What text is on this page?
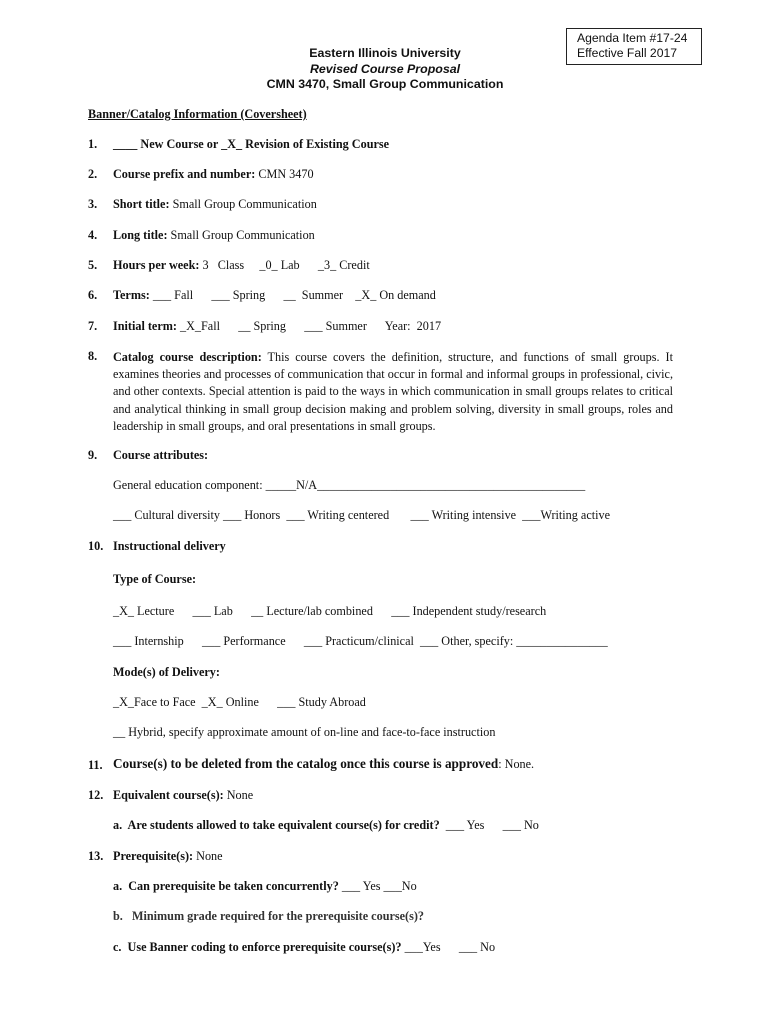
Agenda Item #17-24
Effective Fall 2017
Eastern Illinois University
Revised Course Proposal
CMN 3470, Small Group Communication
Banner/Catalog Information (Coversheet)
1. ____ New Course or _X_ Revision of Existing Course
2. Course prefix and number: CMN 3470
3. Short title: Small Group Communication
4. Long title: Small Group Communication
5. Hours per week: 3   Class     _0_ Lab      _3_ Credit
6. Terms: ___ Fall      ___ Spring      __  Summer    _X_ On demand
7. Initial term: _X_Fall      __ Spring      ___ Summer      Year:  2017
8. Catalog course description: This course covers the definition, structure, and functions of small groups. It examines theories and processes of communication that occur in formal and informal groups in professional, civic, and other contexts. Special attention is paid to the ways in which communication in small groups relates to critical and analytical thinking in small group decision making and problem solving, diversity in small groups, roles and leadership in small groups, and oral presentations in small groups.
9. Course attributes:
General education component: _____N/A____________________________________________
___ Cultural diversity ___ Honors  ___ Writing centered       ___ Writing intensive  ___Writing active
10. Instructional delivery
Type of Course:
_X_ Lecture      ___ Lab      __ Lecture/lab combined      ___ Independent study/research
___ Internship      ___ Performance      ___ Practicum/clinical  ___ Other, specify: _______________
Mode(s) of Delivery:
_X_Face to Face  _X_ Online      ___ Study Abroad
__ Hybrid, specify approximate amount of on-line and face-to-face instruction
11. Course(s) to be deleted from the catalog once this course is approved: None.
12. Equivalent course(s): None
a.  Are students allowed to take equivalent course(s) for credit?  ___ Yes      ___ No
13. Prerequisite(s): None
a.  Can prerequisite be taken concurrently? ___ Yes ___No
b.   Minimum grade required for the prerequisite course(s)?
c.  Use Banner coding to enforce prerequisite course(s)? ___Yes      ___ No
